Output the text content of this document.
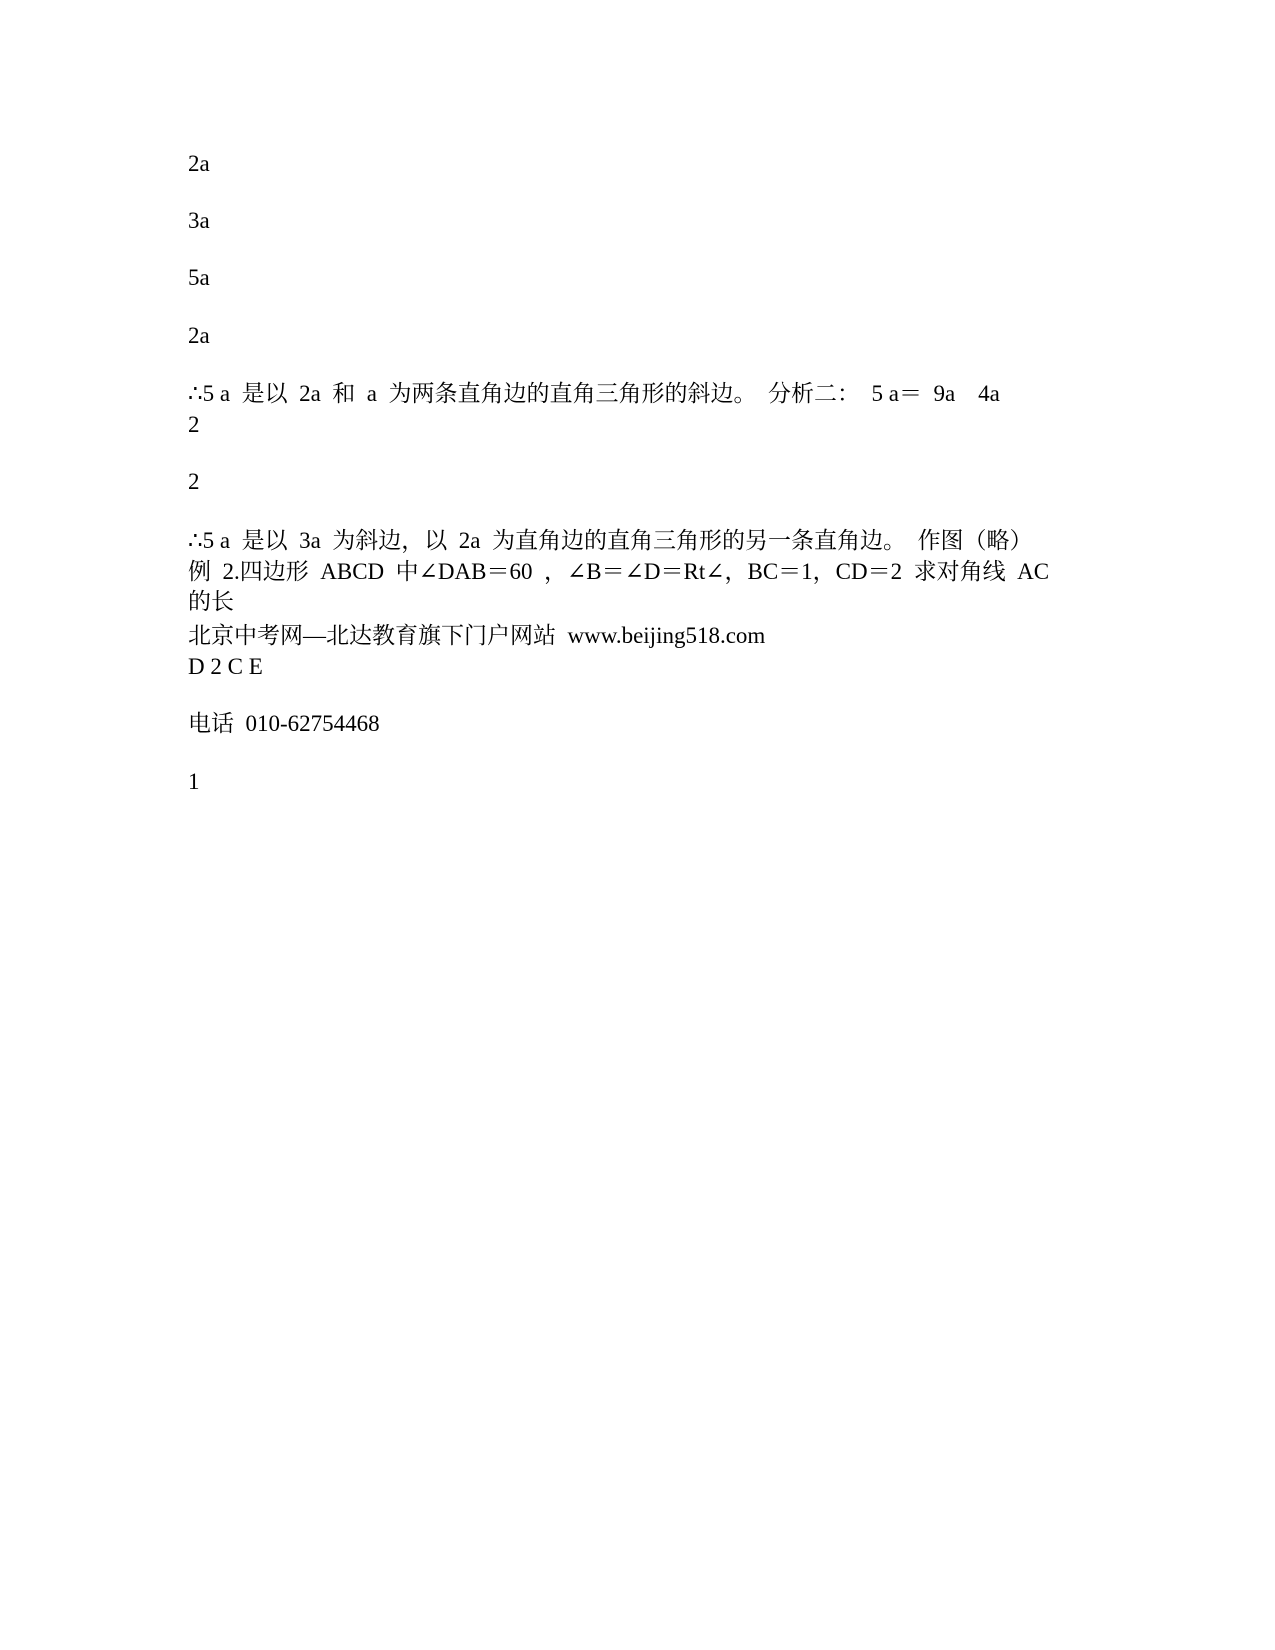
2a
3a
5a
2a
∴5 a  是以  2a  和  a  为两条直角边的直角三角形的斜边。  分析二：  5 a＝  9a    4a
2
2
∴5 a  是以  3a  为斜边，以  2a  为直角边的直角三角形的另一条直角边。  作图（略）
例  2.四边形  ABCD  中∠DAB＝60  ，∠B＝∠D＝Rt∠，BC＝1，CD＝2  求对角线  AC
的长
北京中考网—北达教育旗下门户网站  www.beijing518.com
D 2 C E
电话  010-62754468
1
